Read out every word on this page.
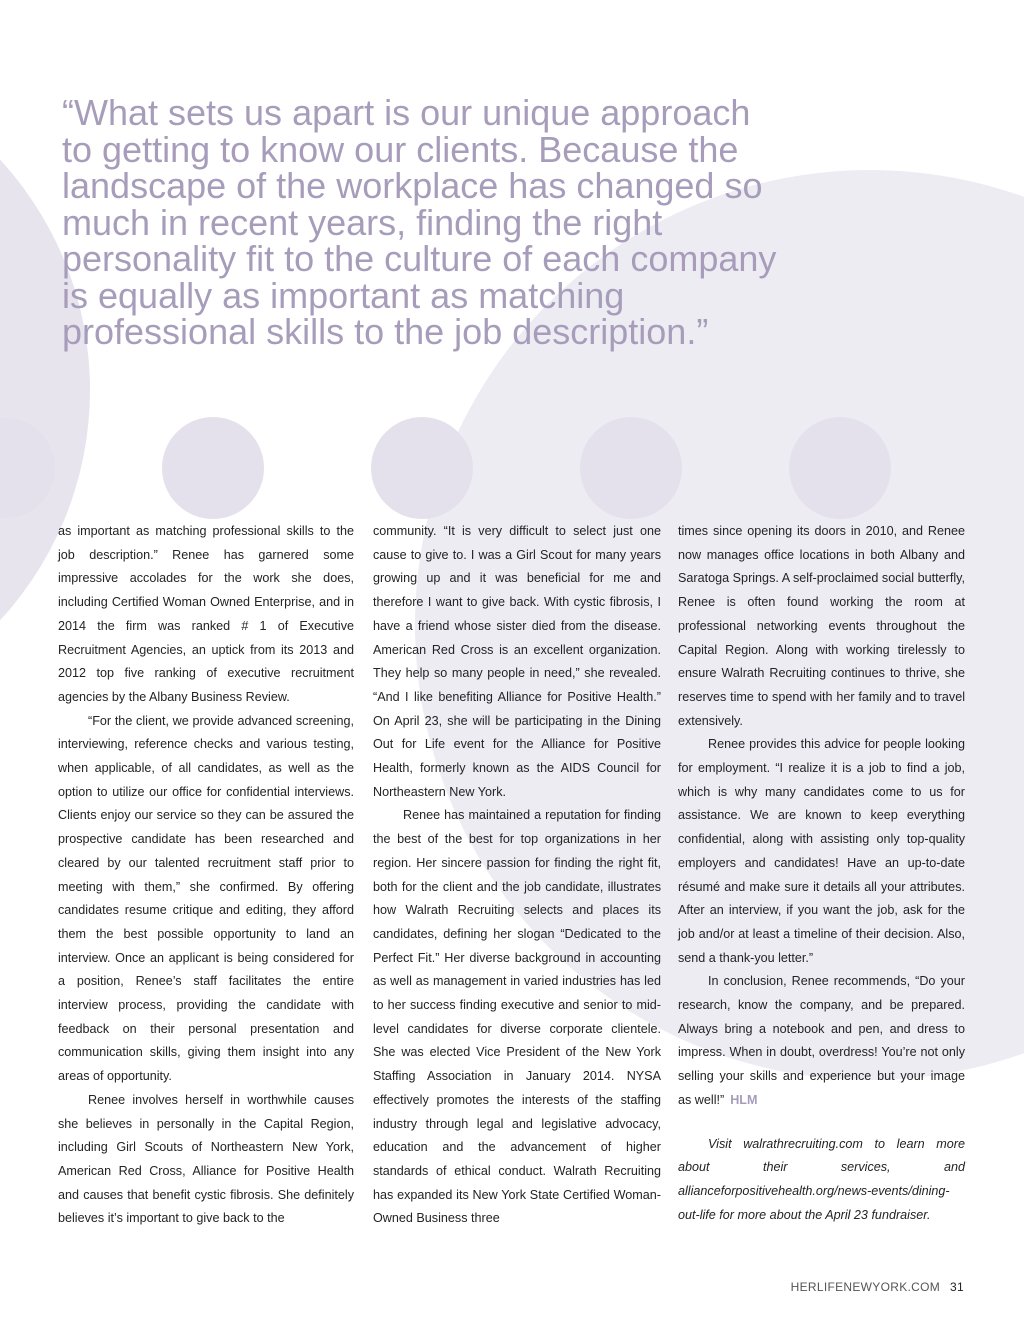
“What sets us apart is our unique approach to getting to know our clients. Because the landscape of the workplace has changed so much in recent years, finding the right personality fit to the culture of each company is equally as important as matching professional skills to the job description.”

as important as matching professional skills to the job description.” Renee has garnered some impressive accolades for the work she does, including Certified Woman Owned Enterprise, and in 2014 the firm was ranked # 1 of Executive Recruitment Agencies, an uptick from its 2013 and 2012 top five ranking of executive recruitment agencies by the Albany Business Review.

“For the client, we provide advanced screening, interviewing, reference checks and various testing, when applicable, of all candidates, as well as the option to utilize our office for confidential interviews. Clients enjoy our service so they can be assured the prospective candidate has been researched and cleared by our talented recruitment staff prior to meeting with them,” she confirmed. By offering candidates resume critique and editing, they afford them the best possible opportunity to land an interview. Once an applicant is being considered for a position, Renee’s staff facilitates the entire interview process, providing the candidate with feedback on their personal presentation and communication skills, giving them insight into any areas of opportunity.

Renee involves herself in worthwhile causes she believes in personally in the Capital Region, including Girl Scouts of Northeastern New York, American Red Cross, Alliance for Positive Health and causes that benefit cystic fibrosis. She definitely believes it’s important to give back to the

community. “It is very difficult to select just one cause to give to. I was a Girl Scout for many years growing up and it was beneficial for me and therefore I want to give back. With cystic fibrosis, I have a friend whose sister died from the disease. American Red Cross is an excellent organization. They help so many people in need,” she revealed. “And I like benefiting Alliance for Positive Health.” On April 23, she will be participating in the Dining Out for Life event for the Alliance for Positive Health, formerly known as the AIDS Council for Northeastern New York.

Renee has maintained a reputation for finding the best of the best for top organizations in her region. Her sincere passion for finding the right fit, both for the client and the job candidate, illustrates how Walrath Recruiting selects and places its candidates, defining her slogan “Dedicated to the Perfect Fit.” Her diverse background in accounting as well as management in varied industries has led to her success finding executive and senior to mid-level candidates for diverse corporate clientele. She was elected Vice President of the New York Staffing Association in January 2014. NYSA effectively promotes the interests of the staffing industry through legal and legislative advocacy, education and the advancement of higher standards of ethical conduct. Walrath Recruiting has expanded its New York State Certified Woman-Owned Business three

times since opening its doors in 2010, and Renee now manages office locations in both Albany and Saratoga Springs. A self-proclaimed social butterfly, Renee is often found working the room at professional networking events throughout the Capital Region. Along with working tirelessly to ensure Walrath Recruiting continues to thrive, she reserves time to spend with her family and to travel extensively.

Renee provides this advice for people looking for employment. “I realize it is a job to find a job, which is why many candidates come to us for assistance. We are known to keep everything confidential, along with assisting only top-quality employers and candidates! Have an up-to-date résumé and make sure it details all your attributes. After an interview, if you want the job, ask for the job and/or at least a timeline of their decision. Also, send a thank-you letter.”

In conclusion, Renee recommends, “Do your research, know the company, and be prepared. Always bring a notebook and pen, and dress to impress. When in doubt, overdress! You’re not only selling your skills and experience but your image as well!” HLM

Visit walrathrecruiting.com to learn more about their services, and allianceforpositivehealth.org/news-events/dining-out-life for more about the April 23 fundraiser.

HERLIFENEWYORK.COM 31
